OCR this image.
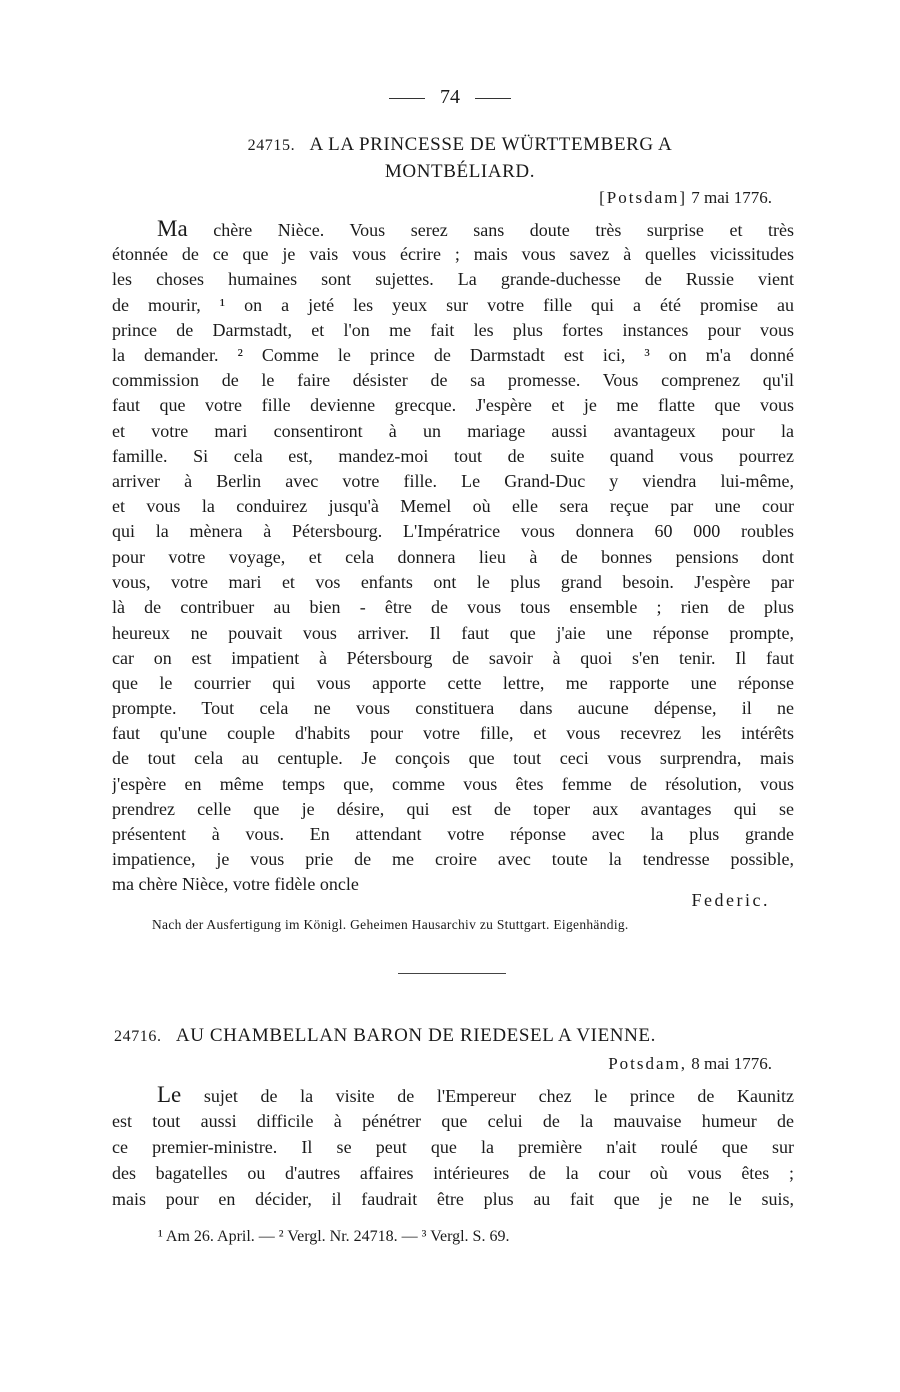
74
24715. A LA PRINCESSE DE WÜRTTEMBERG A
MONTBÉLIARD.
[Potsdam] 7 mai 1776.
Ma chère Nièce. Vous serez sans doute très surprise et très
étonnée de ce que je vais vous écrire ; mais vous savez à quelles vicissitudes
les choses humaines sont sujettes. La grande-duchesse de Russie vient
de mourir, ¹ on a jeté les yeux sur votre fille qui a été promise au
prince de Darmstadt, et l'on me fait les plus fortes instances pour vous
la demander. ² Comme le prince de Darmstadt est ici, ³ on m'a donné
commission de le faire désister de sa promesse. Vous comprenez qu'il
faut que votre fille devienne grecque. J'espère et je me flatte que vous
et votre mari consentiront à un mariage aussi avantageux pour la
famille. Si cela est, mandez-moi tout de suite quand vous pourrez
arriver à Berlin avec votre fille. Le Grand-Duc y viendra lui-même,
et vous la conduirez jusqu'à Memel où elle sera reçue par une cour
qui la mènera à Pétersbourg. L'Impératrice vous donnera 60 000 roubles
pour votre voyage, et cela donnera lieu à de bonnes pensions dont
vous, votre mari et vos enfants ont le plus grand besoin. J'espère par
là de contribuer au bien - être de vous tous ensemble ; rien de plus
heureux ne pouvait vous arriver. Il faut que j'aie une réponse prompte,
car on est impatient à Pétersbourg de savoir à quoi s'en tenir. Il faut
que le courrier qui vous apporte cette lettre, me rapporte une réponse
prompte. Tout cela ne vous constituera dans aucune dépense, il ne
faut qu'une couple d'habits pour votre fille, et vous recevrez les intérêts
de tout cela au centuple. Je conçois que tout ceci vous surprendra, mais
j'espère en même temps que, comme vous êtes femme de résolution, vous
prendrez celle que je désire, qui est de toper aux avantages qui se
présentent à vous. En attendant votre réponse avec la plus grande
impatience, je vous prie de me croire avec toute la tendresse possible,
ma chère Nièce, votre fidèle oncle
Federic.
Nach der Ausfertigung im Königl. Geheimen Hausarchiv zu Stuttgart. Eigenhändig.
24716. AU CHAMBELLAN BARON DE RIEDESEL A VIENNE.
Potsdam, 8 mai 1776.
Le sujet de la visite de l'Empereur chez le prince de Kaunitz
est tout aussi difficile à pénétrer que celui de la mauvaise humeur de
ce premier-ministre. Il se peut que la première n'ait roulé que sur
des bagatelles ou d'autres affaires intérieures de la cour où vous êtes ;
mais pour en décider, il faudrait être plus au fait que je ne le suis,
¹ Am 26. April. — ² Vergl. Nr. 24718. — ³ Vergl. S. 69.
